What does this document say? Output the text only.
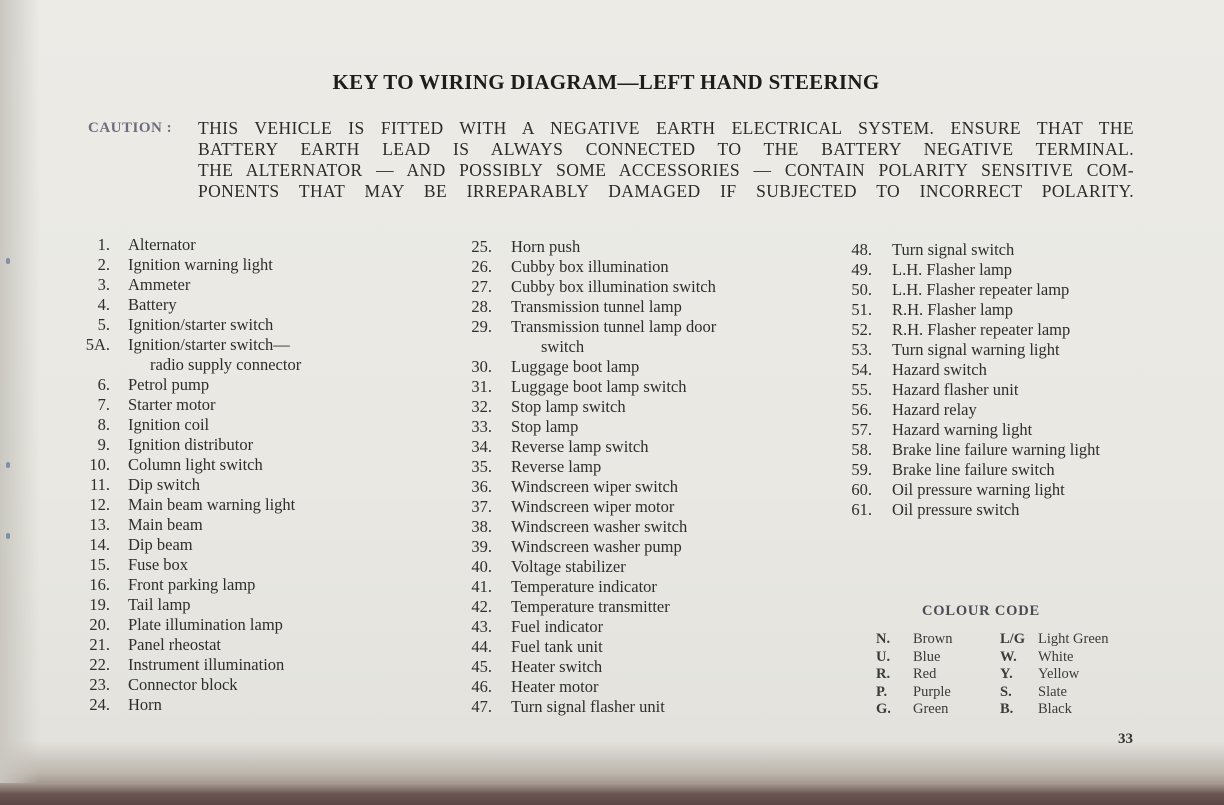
KEY TO WIRING DIAGRAM—LEFT HAND STEERING
CAUTION :	THIS VEHICLE IS FITTED WITH A NEGATIVE EARTH ELECTRICAL SYSTEM. ENSURE THAT THE
BATTERY EARTH LEAD IS ALWAYS CONNECTED TO THE BATTERY NEGATIVE TERMINAL.
THE ALTERNATOR — AND POSSIBLY SOME ACCESSORIES — CONTAIN POLARITY SENSITIVE COM-
PONENTS THAT MAY BE IRREPARABLY DAMAGED IF SUBJECTED TO INCORRECT POLARITY.
1. Alternator
2. Ignition warning light
3. Ammeter
4. Battery
5. Ignition/starter switch
5A. Ignition/starter switch—
radio supply connector
6. Petrol pump
7. Starter motor
8. Ignition coil
9. Ignition distributor
10. Column light switch
11. Dip switch
12. Main beam warning light
13. Main beam
14. Dip beam
15. Fuse box
16. Front parking lamp
19. Tail lamp
20. Plate illumination lamp
21. Panel rheostat
22. Instrument illumination
23. Connector block
24. Horn
25. Horn push
26. Cubby box illumination
27. Cubby box illumination switch
28. Transmission tunnel lamp
29. Transmission tunnel lamp door
switch
30. Luggage boot lamp
31. Luggage boot lamp switch
32. Stop lamp switch
33. Stop lamp
34. Reverse lamp switch
35. Reverse lamp
36. Windscreen wiper switch
37. Windscreen wiper motor
38. Windscreen washer switch
39. Windscreen washer pump
40. Voltage stabilizer
41. Temperature indicator
42. Temperature transmitter
43. Fuel indicator
44. Fuel tank unit
45. Heater switch
46. Heater motor
47. Turn signal flasher unit
48. Turn signal switch
49. L.H. Flasher lamp
50. L.H. Flasher repeater lamp
51. R.H. Flasher lamp
52. R.H. Flasher repeater lamp
53. Turn signal warning light
54. Hazard switch
55. Hazard flasher unit
56. Hazard relay
57. Hazard warning light
58. Brake line failure warning light
59. Brake line failure switch
60. Oil pressure warning light
61. Oil pressure switch
COLOUR CODE
N. Brown	L/G Light Green
U. Blue	W. White
R. Red	Y. Yellow
P. Purple	S. Slate
G. Green	B. Black
33
